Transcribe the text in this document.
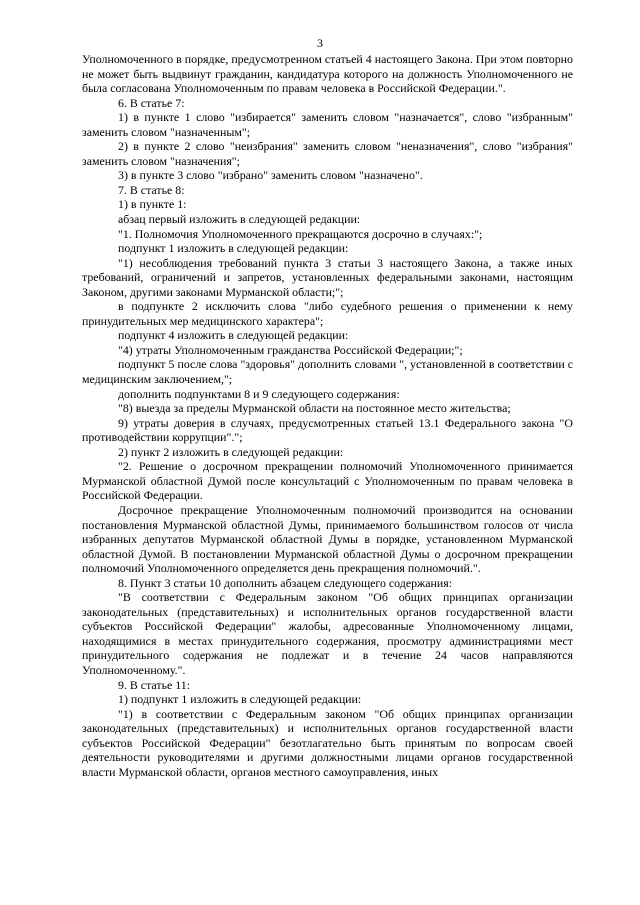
3

Уполномоченного в порядке, предусмотренном статьей 4 настоящего Закона. При этом повторно не может быть выдвинут гражданин, кандидатура которого на должность Уполномоченного не была согласована Уполномоченным по правам человека в Российской Федерации.".

6. В статье 7:

1) в пункте 1 слово "избирается" заменить словом "назначается", слово "избранным" заменить словом "назначенным";

2) в пункте 2 слово "неизбрания" заменить словом "неназначения", слово "избрания" заменить словом "назначения";

3) в пункте 3 слово "избрано" заменить словом "назначено".

7. В статье 8:

1) в пункте 1:

абзац первый изложить в следующей редакции:

"1. Полномочия Уполномоченного прекращаются досрочно в случаях:";

подпункт 1 изложить в следующей редакции:

"1) несоблюдения требований пункта 3 статьи 3 настоящего Закона, а также иных требований, ограничений и запретов, установленных федеральными законами, настоящим Законом, другими законами Мурманской области;";

в подпункте 2 исключить слова "либо судебного решения о применении к нему принудительных мер медицинского характера";

подпункт 4 изложить в следующей редакции:

"4) утраты Уполномоченным гражданства Российской Федерации;";

подпункт 5 после слова "здоровья" дополнить словами ", установленной в соответствии с медицинским заключением,";

дополнить подпунктами 8 и 9 следующего содержания:

"8) выезда за пределы Мурманской области на постоянное место жительства;

9) утраты доверия в случаях, предусмотренных статьей 13.1 Федерального закона "О противодействии коррупции".";

2) пункт 2 изложить в следующей редакции:

"2. Решение о досрочном прекращении полномочий Уполномоченного принимается Мурманской областной Думой после консультаций с Уполномоченным по правам человека в Российской Федерации.

Досрочное прекращение Уполномоченным полномочий производится на основании постановления Мурманской областной Думы, принимаемого большинством голосов от числа избранных депутатов Мурманской областной Думы в порядке, установленном Мурманской областной Думой. В постановлении Мурманской областной Думы о досрочном прекращении полномочий Уполномоченного определяется день прекращения полномочий.".

8. Пункт 3 статьи 10 дополнить абзацем следующего содержания:

"В соответствии с Федеральным законом "Об общих принципах организации законодательных (представительных) и исполнительных органов государственной власти субъектов Российской Федерации" жалобы, адресованные Уполномоченному лицами, находящимися в местах принудительного содержания, просмотру администрациями мест принудительного содержания не подлежат и в течение 24 часов направляются Уполномоченному.".

9. В статье 11:

1) подпункт 1 изложить в следующей редакции:

"1) в соответствии с Федеральным законом "Об общих принципах организации законодательных (представительных) и исполнительных органов государственной власти субъектов Российской Федерации" безотлагательно быть принятым по вопросам своей деятельности руководителями и другими должностными лицами органов государственной власти Мурманской области, органов местного самоуправления, иных
